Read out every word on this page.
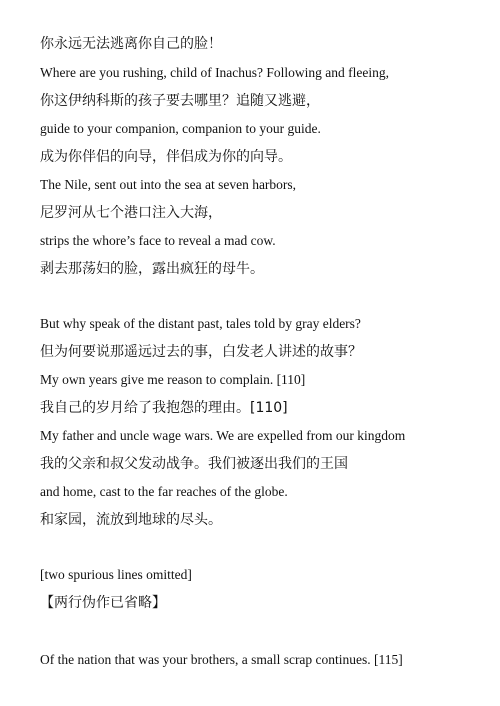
你永远无法逃离你自己的脸！

Where are you rushing, child of Inachus? Following and fleeing,

你这伊纳科斯的孩子要去哪里？追随又逃避，

guide to your companion, companion to your guide.

成为你伴侣的向导，伴侣成为你的向导。

The Nile, sent out into the sea at seven harbors,

尼罗河从七个港口注入大海，

strips the whore’s face to reveal a mad cow.

剥去那荡妇的脸，露出疯狂的母牛。

But why speak of the distant past, tales told by gray elders?

但为何要说那遥远过去的事，白发老人讲述的故事？

My own years give me reason to complain. [110]

我自己的岁月给了我抱怨的理由。[110]

My father and uncle wage wars. We are expelled from our kingdom

我的父亲和叔父发动战争。我们被逐出我们的王国

and home, cast to the far reaches of the globe.

和家园，流放到地球的尽头。

[two spurious lines omitted]

【两行伪作已省略】

Of the nation that was your brothers, a small scrap continues. [115]
